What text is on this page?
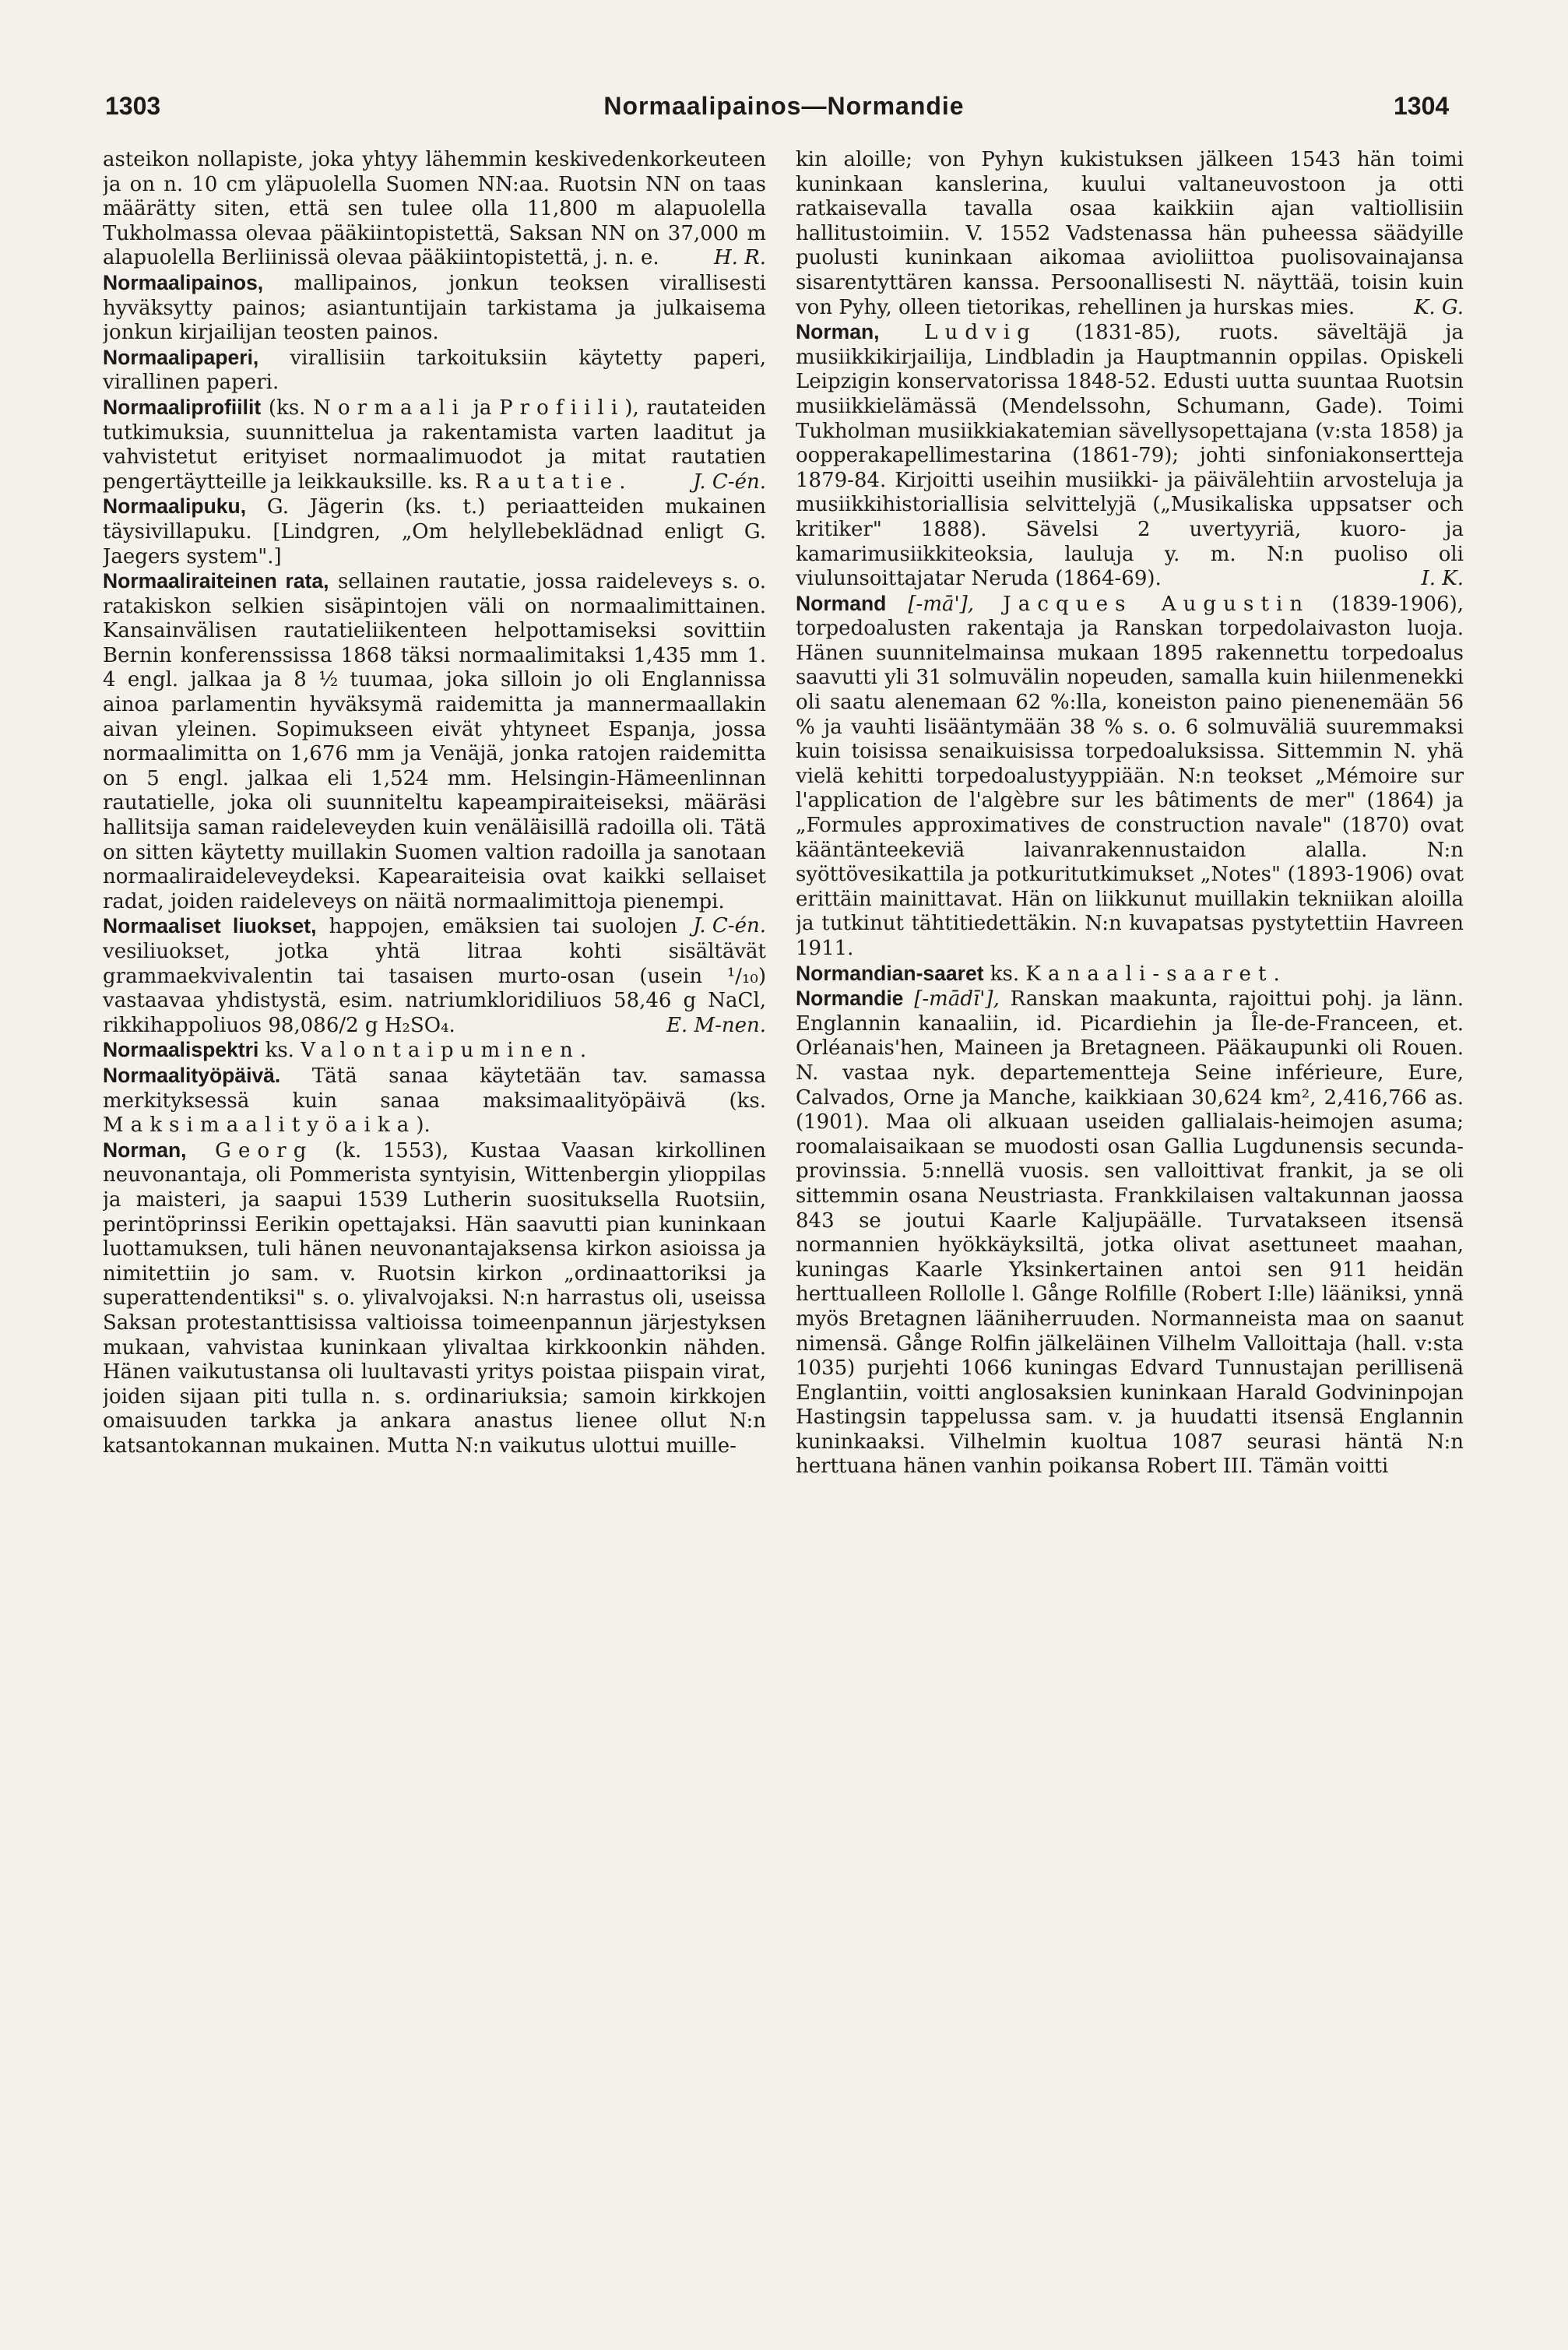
1303	Normaalipainos—Normandie	1304

asteikon nollapiste, joka yhtyy lähemmin keskivedenkorkeuteen ja on n. 10 cm yläpuolella Suomen NN:aa. Ruotsin NN on taas määrätty siten, että sen tulee olla 11,800 m alapuolella Tukholmassa olevaa pääkiintopistettä, Saksan NN on 37,000 m alapuolella Berliinissä olevaa pääkiintopistettä, j. n. e.	H. R.

Normaalipainos, mallipainos, jonkun teoksen virallisesti hyväksytty painos; asiantuntijain tarkistama ja julkaisema jonkun kirjailijan teosten painos.

Normaalipaperi, virallisiin tarkoituksiin käytetty paperi, virallinen paperi.

Normaaliprofiilit (ks. Normaali ja Profiili), rautateiden tutkimuksia, suunnittelua ja rakentamista varten laaditut ja vahvistetut erityiset normaalimuodot ja mitat rautatien pengertäytteille ja leikkauksille. ks. Rautatie.	J. C-én.

Normaalipuku, G. Jägerin (ks. t.) periaatteiden mukainen täysivillapuku. [Lindgren, „Om helyllebeklädnad enligt G. Jaegers system".]

Normaaliraiteinen rata, sellainen rautatie, jossa raideleveys s. o. ratakiskon selkien sisäpintojen väli on normaalimittainen. Kansainvälisen rautatieliikenteen helpottamiseksi sovittiin Bernin konferenssissa 1868 täksi normaalimitaksi 1,435 mm 1. 4 engl. jalkaa ja 8 ½ tuumaa, joka silloin jo oli Englannissa ainoa parlamentin hyväksymä raidemitta ja mannermaallakin aivan yleinen. Sopimukseen eivät yhtyneet Espanja, jossa normaalimitta on 1,676 mm ja Venäjä, jonka ratojen raidemitta on 5 engl. jalkaa eli 1,524 mm. Helsingin-Hämeenlinnan rautatielle, joka oli suunniteltu kapeampiraiteiseksi, määräsi hallitsija saman raideleveyden kuin venäläisillä radoilla oli. Tätä on sitten käytetty muillakin Suomen valtion radoilla ja sanotaan normaaliraideleveydeksi. Kapearaiteisia ovat kaikki sellaiset radat, joiden raideleveys on näitä normaalimittoja pienempi.
J. C-én.

Normaaliset liuokset, happojen, emäksien tai suolojen vesiliuokset, jotka yhtä litraa kohti sisältävät grammaekvivalentin tai tasaisen murto-osan (usein ¹/₁₀) vastaavaa yhdistystä, esim. natriumkloridiliuos 58,46 g NaCl, rikkihappoliuos 98,086/2 g H₂SO₄.	E. M-nen.

Normaalispektri ks. Valontaipuminen.

Normaalityöpäivä. Tätä sanaa käytetään tav. samassa merkityksessä kuin sanaa maksimaalityöpäivä (ks. Maksimaalityöaika).

Norman, Georg (k. 1553), Kustaa Vaasan kirkollinen neuvonantaja, oli Pommerista syntyisin, Wittenbergin ylioppilas ja maisteri, ja saapui 1539 Lutherin suosituksella Ruotsiin, perintöprinssi Eerikin opettajaksi. Hän saavutti pian kuninkaan luottamuksen, tuli hänen neuvonantajaksensa kirkon asioissa ja nimitettiin jo sam. v. Ruotsin kirkon „ordinaattoriksi ja superattendentiksi" s. o. ylivalvojaksi. N:n harrastus oli, useissa Saksan protestanttisissa valtioissa toimeenpannun järjestyksen mukaan, vahvistaa kuninkaan ylivaltaa kirkkoonkin nähden. Hänen vaikutustansa oli luultavasti yritys poistaa piispain virat, joiden sijaan piti tulla n. s. ordinariuksia; samoin kirkkojen omaisuuden tarkka ja ankara anastus lienee ollut N:n katsantokannan mukainen. Mutta N:n vaikutus ulottui muille-

kin aloille; von Pyhyn kukistuksen jälkeen 1543 hän toimi kuninkaan kanslerina, kuului valtaneuvostoon ja otti ratkaisevalla tavalla osaa kaikkiin ajan valtiollisiin hallitustoimiin. V. 1552 Vadstenassa hän puheessa säädyille puolusti kuninkaan aikomaa avioliittoa puolisovainajansa sisarentyttären kanssa. Persoonallisesti N. näyttää, toisin kuin von Pyhy, olleen tietorikas, rehellinen ja hurskas mies.	K. G.

Norman, Ludvig (1831-85), ruots. säveltäjä ja musiikkikirjailija, Lindbladin ja Hauptmannin oppilas. Opiskeli Leipzigin konservatorissa 1848-52. Edusti uutta suuntaa Ruotsin musiikkielämässä (Mendelssohn, Schumann, Gade). Toimi Tukholman musiikkiakatemian sävellysopettajana (v:sta 1858) ja oopperakapellimestarina (1861-79); johti sinfoniakonsertteja 1879-84. Kirjoitti useihin musiikki- ja päivälehtiin arvosteluja ja musiikkihistoriallisia selvittelyjä („Musikaliska uppsatser och kritiker" 1888). Sävelsi 2 uvertyyriä, kuoro- ja kamarimusiikkiteoksia, lauluja y. m. N:n puoliso oli viulunsoittajatar Neruda (1864-69).	I. K.

Normand [-mā'], Jacques Augustin (1839-1906), torpedoalusten rakentaja ja Ranskan torpedolaivaston luoja. Hänen suunnitelmainsa mukaan 1895 rakennettu torpedoalus saavutti yli 31 solmuvälin nopeuden, samalla kuin hiilenmenekki oli saatu alenemaan 62 %:lla, koneiston paino pienenemään 56 % ja vauhti lisääntymään 38 % s. o. 6 solmuväliä suuremmaksi kuin toisissa senaikuisissa torpedoaluksissa. Sittemmin N. yhä vielä kehitti torpedoalustyyppiään. N:n teokset „Mémoire sur l'application de l'algèbre sur les bâtiments de mer" (1864) ja „Formules approximatives de construction navale" (1870) ovat kääntänteekeviä laivanrakennustaidon alalla. N:n syöttövesikattila ja potkuritutkimukset „Notes" (1893-1906) ovat erittäin mainittavat. Hän on liikkunut muillakin tekniikan aloilla ja tutkinut tähtitiedettäkin. N:n kuvapatsas pystytettiin Havreen 1911.

Normandian-saaret ks. Kanaali-saaret.

Normandie [-mādī'], Ranskan maakunta, rajoittui pohj. ja länn. Englannin kanaaliin, id. Picardiehin ja Île-de-Franceen, et. Orléanais'hen, Maineen ja Bretagneen. Pääkaupunki oli Rouen. N. vastaa nyk. departementteja Seine inférieure, Eure, Calvados, Orne ja Manche, kaikkiaan 30,624 km², 2,416,766 as. (1901). Maa oli alkuaan useiden gallialais-heimojen asuma; roomalaisaikaan se muodosti osan Gallia Lugdunensis secunda-provinssia. 5:nnellä vuosis. sen valloittivat frankit, ja se oli sittemmin osana Neustriasta. Frankkilaisen valtakunnan jaossa 843 se joutui Kaarle Kaljupäälle. Turvatakseen itsensä normannien hyökkäyksiltä, jotka olivat asettuneet maahan, kuningas Kaarle Yksinkertainen antoi sen 911 heidän herttualleen Rollolle l. Gånge Rolfille (Robert I:lle) lääniksi, ynnä myös Bretagnen lääniherruuden. Normanneista maa on saanut nimensä. Gånge Rolfin jälkeläinen Vilhelm Valloittaja (hall. v:sta 1035) purjehti 1066 kuningas Edvard Tunnustajan perillisenä Englantiin, voitti anglosaksien kuninkaan Harald Godvininpojan Hastingsin tappelussa sam. v. ja huudatti itsensä Englannin kuninkaaksi. Vilhelmin kuoltua 1087 seurasi häntä N:n herttuana hänen vanhin poikansa Robert III. Tämän voitti
